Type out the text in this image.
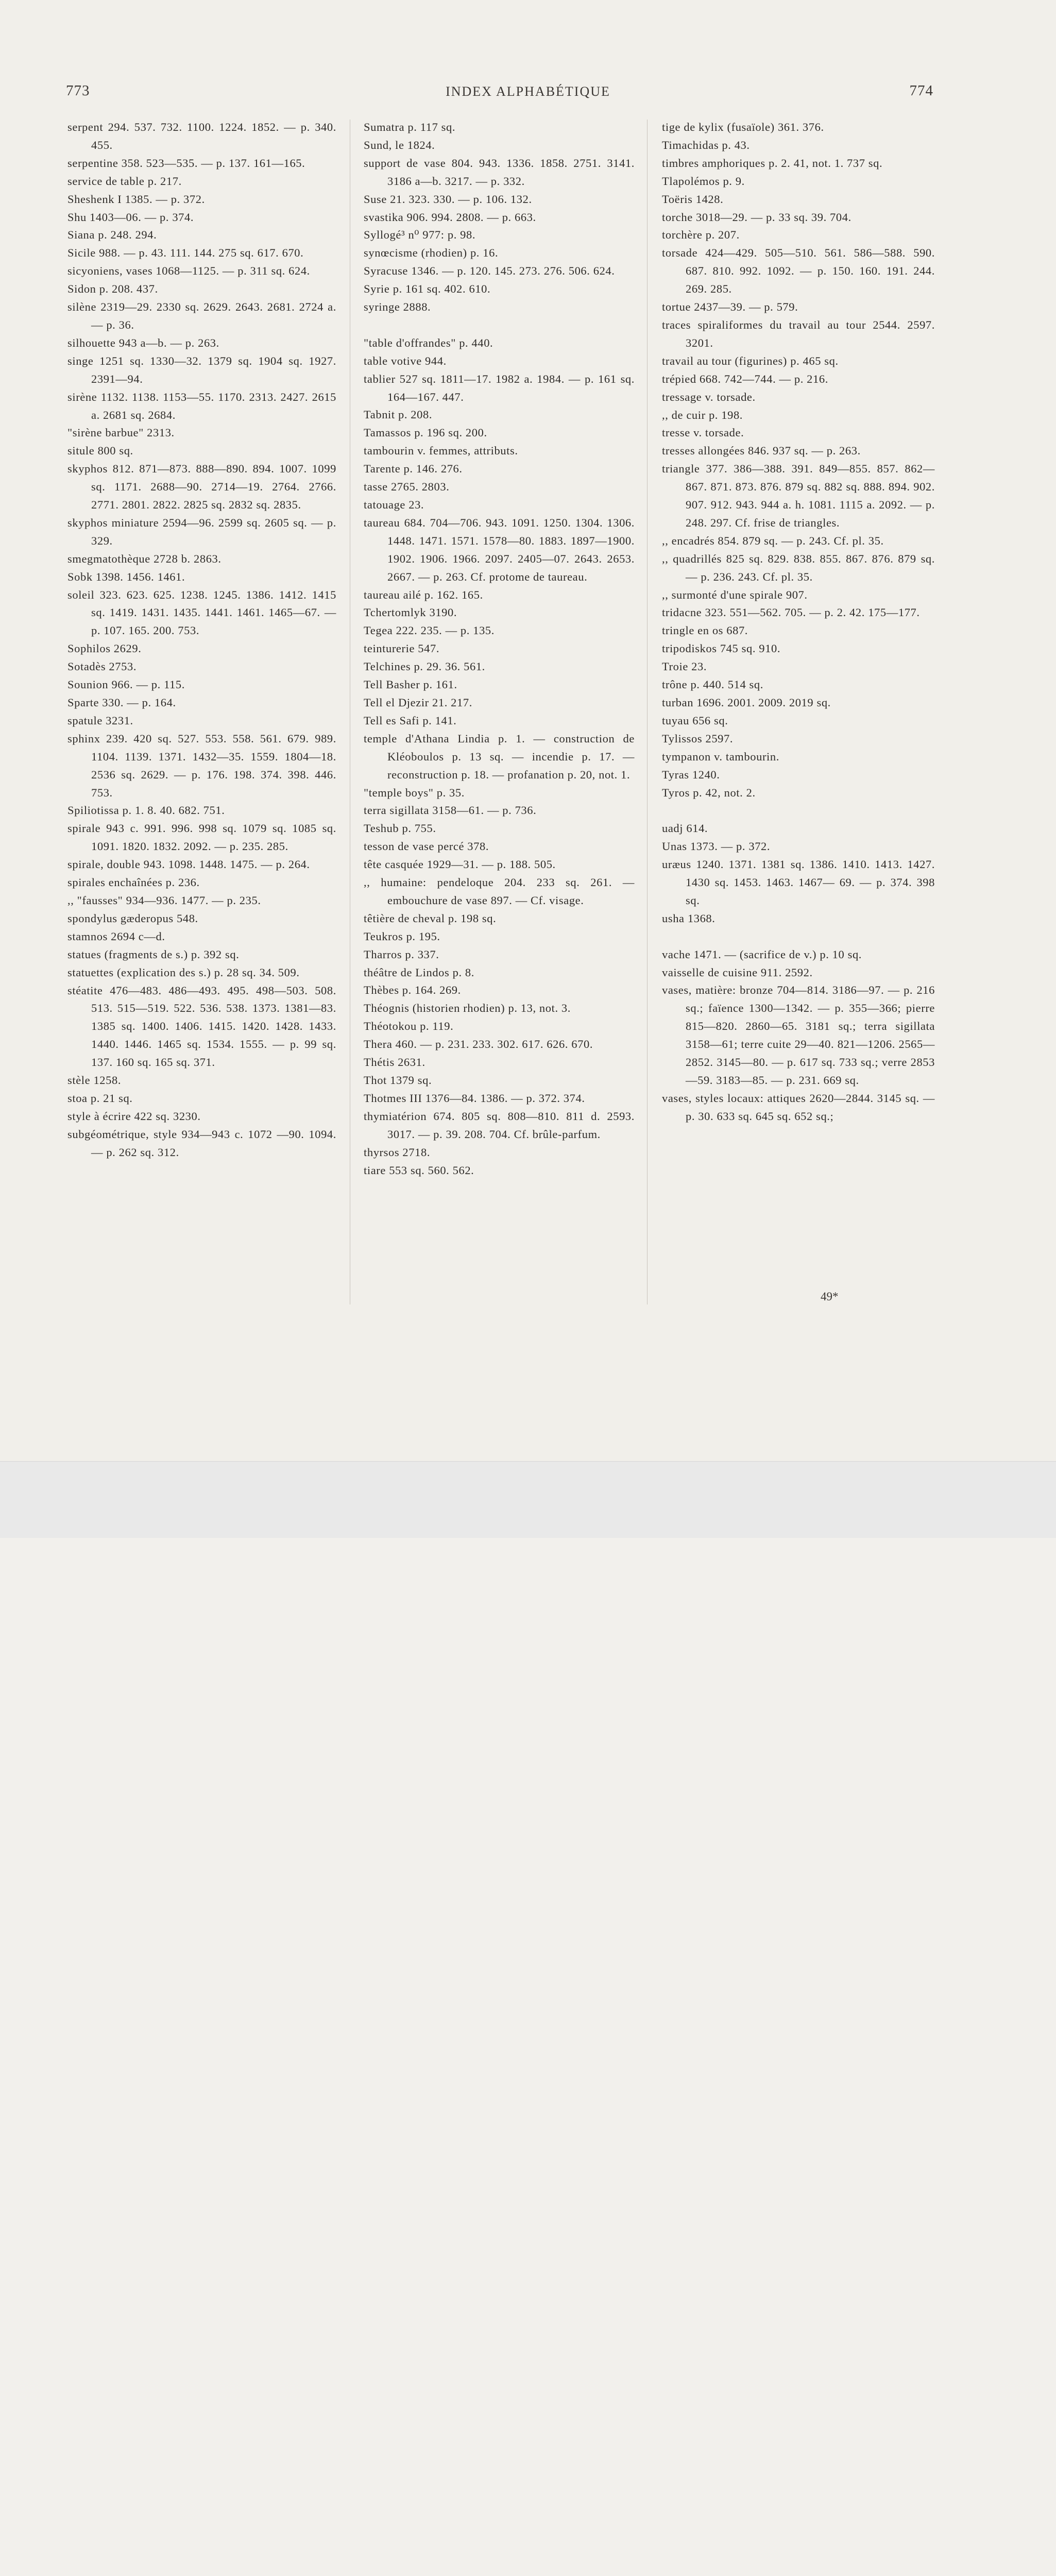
773	INDEX ALPHABÉTIQUE	774

serpent 294. 537. 732. 1100. 1224. 1852. — p. 340. 455.

serpentine 358. 523—535. — p. 137. 161—165.

service de table p. 217.

Sheshenk I 1385. — p. 372.

Shu 1403—06. — p. 374.

Siana p. 248. 294.

Sicile 988. — p. 43. 111. 144. 275 sq. 617. 670.

sicyoniens, vases 1068—1125. — p. 311 sq. 624.

Sidon p. 208. 437.

silène 2319—29. 2330 sq. 2629. 2643. 2681. 2724 a. — p. 36.

silhouette 943 a—b. — p. 263.

singe 1251 sq. 1330—32. 1379 sq. 1904 sq. 1927. 2391—94.

sirène 1132. 1138. 1153—55. 1170. 2313. 2427. 2615 a. 2681 sq. 2684.

"sirène barbue" 2313.

situle 800 sq.

skyphos 812. 871—873. 888—890. 894. 1007. 1099 sq. 1171. 2688—90. 2714—19. 2764. 2766. 2771. 2801. 2822. 2825 sq. 2832 sq. 2835.

skyphos miniature 2594—96. 2599 sq. 2605 sq. — p. 329.

smegmatothèque 2728 b. 2863.

Sobk 1398. 1456. 1461.

soleil 323. 623. 625. 1238. 1245. 1386. 1412. 1415 sq. 1419. 1431. 1435. 1441. 1461. 1465—67. — p. 107. 165. 200. 753.

Sophilos 2629.

Sotadès 2753.

Sounion 966. — p. 115.

Sparte 330. — p. 164.

spatule 3231.

sphinx 239. 420 sq. 527. 553. 558. 561. 679. 989. 1104. 1139. 1371. 1432—35. 1559. 1804—18. 2536 sq. 2629. — p. 176. 198. 374. 398. 446. 753.

Spiliotissa p. 1. 8. 40. 682. 751.

spirale 943 c. 991. 996. 998 sq. 1079 sq. 1085 sq. 1091. 1820. 1832. 2092. — p. 235. 285.

spirale, double 943. 1098. 1448. 1475. — p. 264.

spirales enchaînées p. 236.

,, "fausses" 934—936. 1477. — p. 235.

spondylus gæderopus 548.

stamnos 2694 c—d.

statues (fragments de s.) p. 392 sq.

statuettes (explication des s.) p. 28 sq. 34. 509.

stéatite 476—483. 486—493. 495. 498—503. 508. 513. 515—519. 522. 536. 538. 1373. 1381—83. 1385 sq. 1400. 1406. 1415. 1420. 1428. 1433. 1440. 1446. 1465 sq. 1534. 1555. — p. 99 sq. 137. 160 sq. 165 sq. 371.

stèle 1258.

stoa p. 21 sq.

style à écrire 422 sq. 3230.

subgéométrique, style 934—943 c. 1072 —90. 1094. — p. 262 sq. 312.

Sumatra p. 117 sq.

Sund, le 1824.

support de vase 804. 943. 1336. 1858. 2751. 3141. 3186 a—b. 3217. — p. 332.

Suse 21. 323. 330. — p. 106. 132.

svastika 906. 994. 2808. — p. 663.

Syllogé³ n⁰ 977: p. 98.

synœcisme (rhodien) p. 16.

Syracuse 1346. — p. 120. 145. 273. 276. 506. 624.

Syrie p. 161 sq. 402. 610.

syringe 2888.

"table d'offrandes" p. 440.

table votive 944.

tablier 527 sq. 1811—17. 1982 a. 1984. — p. 161 sq. 164—167. 447.

Tabnit p. 208.

Tamassos p. 196 sq. 200.

tambourin v. femmes, attributs.

Tarente p. 146. 276.

tasse 2765. 2803.

tatouage 23.

taureau 684. 704—706. 943. 1091. 1250. 1304. 1306. 1448. 1471. 1571. 1578—80. 1883. 1897—1900. 1902. 1906. 1966. 2097. 2405—07. 2643. 2653. 2667. — p. 263. Cf. protome de taureau.

taureau ailé p. 162. 165.

Tchertomlyk 3190.

Tegea 222. 235. — p. 135.

teinturerie 547.

Telchines p. 29. 36. 561.

Tell Basher p. 161.

Tell el Djezir 21. 217.

Tell es Safi p. 141.

temple d'Athana Lindia p. 1. — construction de Kléoboulos p. 13 sq. — incendie p. 17. — reconstruction p. 18. — profanation p. 20, not. 1.

"temple boys" p. 35.

terra sigillata 3158—61. — p. 736.

Teshub p. 755.

tesson de vase percé 378.

tête casquée 1929—31. — p. 188. 505.

,, humaine: pendeloque 204. 233 sq. 261. — embouchure de vase 897. — Cf. visage.

têtière de cheval p. 198 sq.

Teukros p. 195.

Tharros p. 337.

théâtre de Lindos p. 8.

Thèbes p. 164. 269.

Théognis (historien rhodien) p. 13, not. 3.

Théotokou p. 119.

Thera 460. — p. 231. 233. 302. 617. 626. 670.

Thétis 2631.

Thot 1379 sq.

Thotmes III 1376—84. 1386. — p. 372. 374.

thymiatérion 674. 805 sq. 808—810. 811 d. 2593. 3017. — p. 39. 208. 704. Cf. brûle-parfum.

thyrsos 2718.

tiare 553 sq. 560. 562.

tige de kylix (fusaïole) 361. 376.

Timachidas p. 43.

timbres amphoriques p. 2. 41, not. 1. 737 sq.

Tlapolémos p. 9.

Toëris 1428.

torche 3018—29. — p. 33 sq. 39. 704.

torchère p. 207.

torsade 424—429. 505—510. 561. 586—588. 590. 687. 810. 992. 1092. — p. 150. 160. 191. 244. 269. 285.

tortue 2437—39. — p. 579.

traces spiraliformes du travail au tour 2544. 2597. 3201.

travail au tour (figurines) p. 465 sq.

trépied 668. 742—744. — p. 216.

tressage v. torsade.

,, de cuir p. 198.

tresse v. torsade.

tresses allongées 846. 937 sq. — p. 263.

triangle 377. 386—388. 391. 849—855. 857. 862—867. 871. 873. 876. 879 sq. 882 sq. 888. 894. 902. 907. 912. 943. 944 a. h. 1081. 1115 a. 2092. — p. 248. 297. Cf. frise de triangles.

,, encadrés 854. 879 sq. — p. 243. Cf. pl. 35.

,, quadrillés 825 sq. 829. 838. 855. 867. 876. 879 sq. — p. 236. 243. Cf. pl. 35.

,, surmonté d'une spirale 907.

tridacne 323. 551—562. 705. — p. 2. 42. 175—177.

tringle en os 687.

tripodiskos 745 sq. 910.

Troie 23.

trône p. 440. 514 sq.

turban 1696. 2001. 2009. 2019 sq.

tuyau 656 sq.

Tylissos 2597.

tympanon v. tambourin.

Tyras 1240.

Tyros p. 42, not. 2.

uadj 614.

Unas 1373. — p. 372.

uræus 1240. 1371. 1381 sq. 1386. 1410. 1413. 1427. 1430 sq. 1453. 1463. 1467— 69. — p. 374. 398 sq.

usha 1368.

vache 1471. — (sacrifice de v.) p. 10 sq.

vaisselle de cuisine 911. 2592.

vases, matière: bronze 704—814. 3186—97. — p. 216 sq.; faïence 1300—1342. — p. 355—366; pierre 815—820. 2860—65. 3181 sq.; terra sigillata 3158—61; terre cuite 29—40. 821—1206. 2565— 2852. 3145—80. — p. 617 sq. 733 sq.; verre 2853—59. 3183—85. — p. 231. 669 sq.

vases, styles locaux: attiques 2620—2844. 3145 sq. — p. 30. 633 sq. 645 sq. 652 sq.;

49*
